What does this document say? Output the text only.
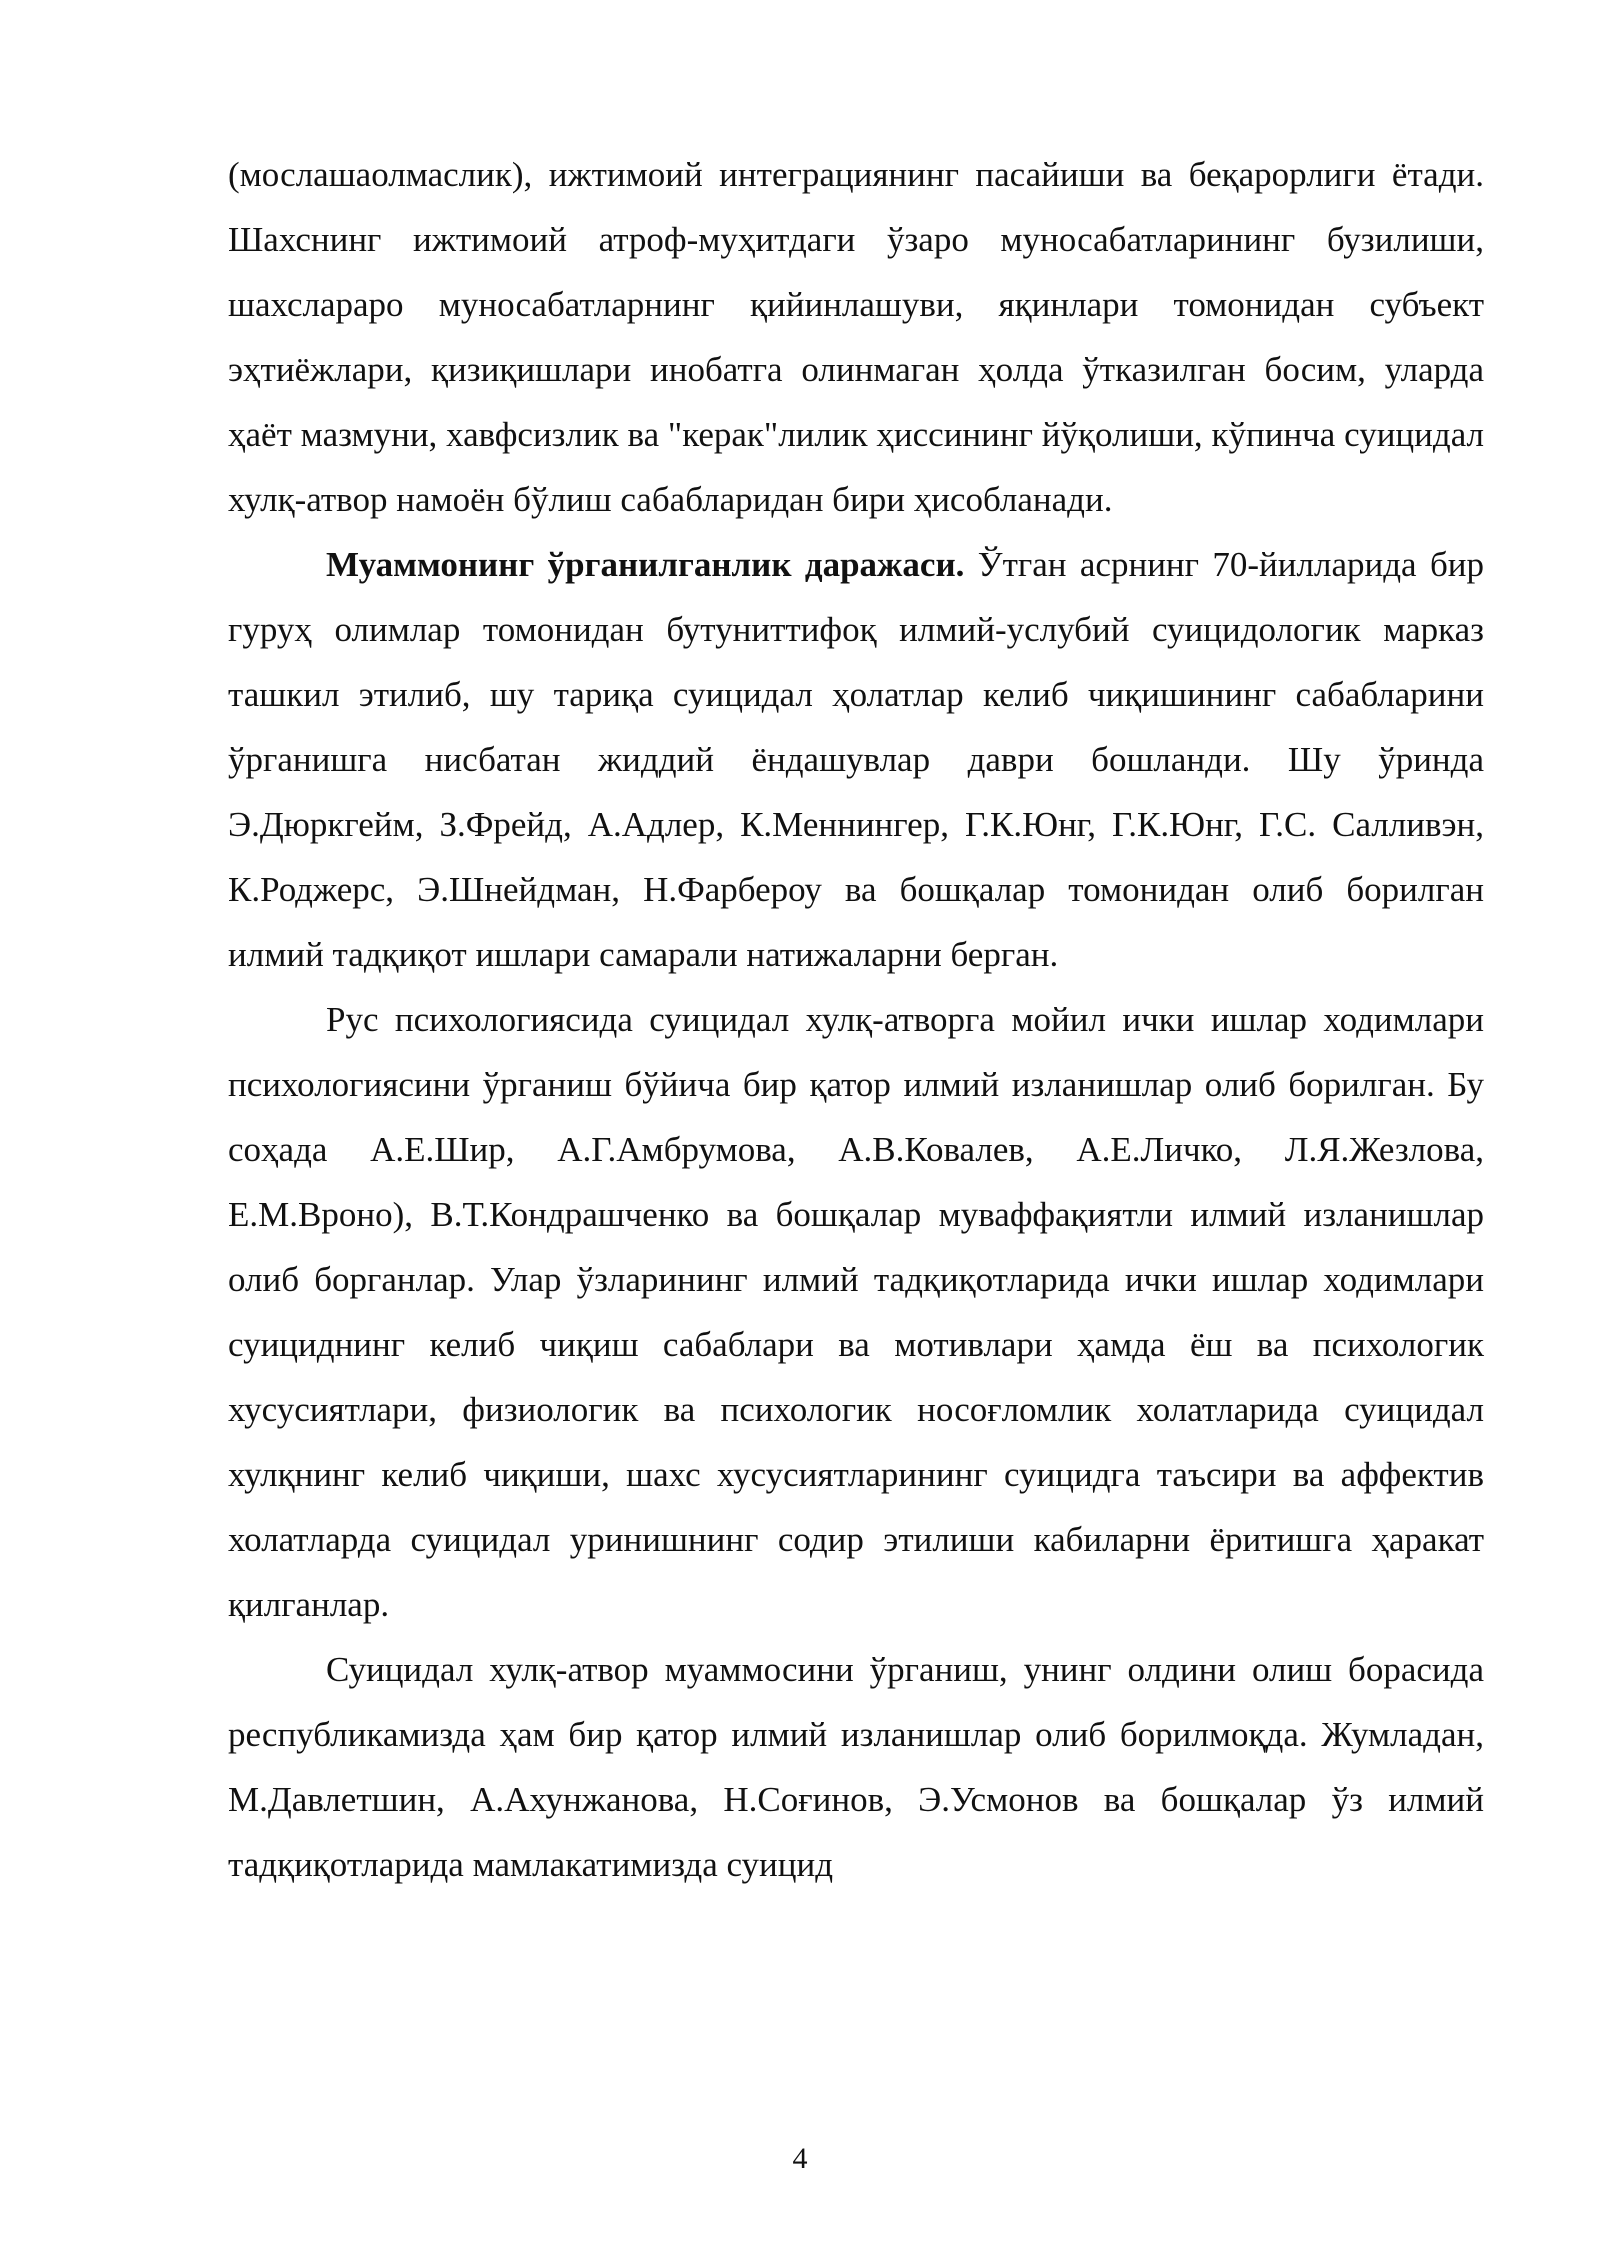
(мослашаолмаслик), ижтимоий интеграциянинг пасайиши ва беқарорлиги ётади. Шахснинг ижтимоий атроф-муҳитдаги ўзаро муносабатларининг бузилиши, шахслараро муносабатларнинг қийинлашуви, яқинлари томонидан субъект эҳтиёжлари, қизиқишлари инобатга олинмаган ҳолда ўтказилган босим, уларда ҳаёт мазмуни, хавфсизлик ва "керак"лилик ҳиссининг йўқолиши, кўпинча суицидал хулқ-атвор намоён бўлиш сабабларидан бири ҳисобланади.

Муаммонинг ўрганилганлик даражаси. Ўтган асрнинг 70-йилларида бир гуруҳ олимлар томонидан бутуниттифоқ илмий-услубий суицидологик марказ ташкил этилиб, шу тариқа суицидал ҳолатлар келиб чиқишининг сабабларини ўрганишга нисбатан жиддий ёндашувлар даври бошланди. Шу ўринда Э.Дюркгейм, З.Фрейд, А.Адлер, К.Меннингер, Г.К.Юнг, Г.К.Юнг, Г.С. Салливэн, К.Роджерс, Э.Шнейдман, Н.Фарбероу ва бошқалар томонидан олиб борилган илмий тадқиқот ишлари самарали натижаларни берган.

Рус психологиясида суицидал хулқ-атворга мойил ички ишлар ходимлари психологиясини ўрганиш бўйича бир қатор илмий изланишлар олиб борилган. Бу соҳада А.Е.Шир, А.Г.Амбрумова, А.В.Ковалев, А.Е.Личко, Л.Я.Жезлова, Е.М.Вроно), В.Т.Кондрашченко ва бошқалар муваффақиятли илмий изланишлар олиб борганлар. Улар ўзларининг илмий тадқиқотларида ички ишлар ходимлари суициднинг келиб чиқиш сабаблари ва мотивлари ҳамда ёш ва психологик хусусиятлари, физиологик ва психологик носоғломлик холатларида суицидал хулқнинг келиб чиқиши, шахс хусусиятларининг суицидга таъсири ва аффектив холатларда суицидал уринишнинг содир этилиши кабиларни ёритишга ҳаракат қилганлар.

Суицидал хулқ-атвор муаммосини ўрганиш, унинг олдини олиш борасида республикамизда ҳам бир қатор илмий изланишлар олиб борилмоқда. Жумладан, М.Давлетшин, А.Ахунжанова, Н.Соғинов, Э.Усмонов ва бошқалар ўз илмий тадқиқотларида мамлакатимизда суицид

4
